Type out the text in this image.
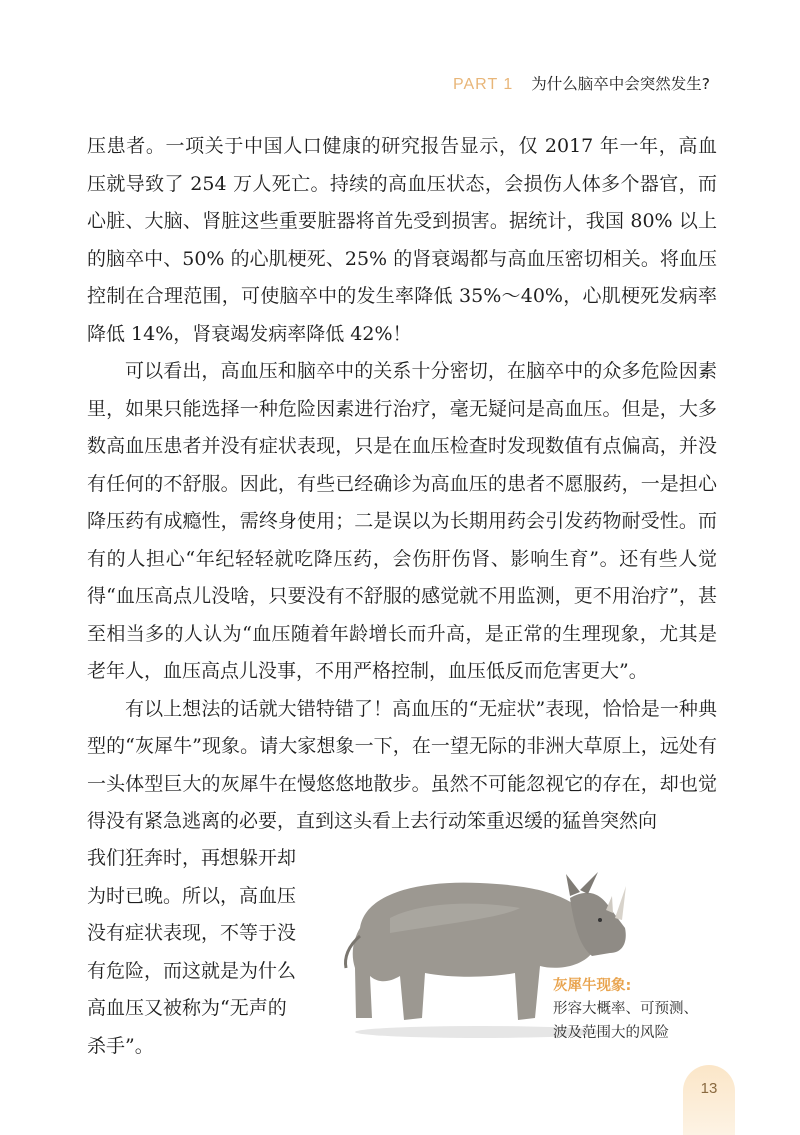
PART 1 为什么脑卒中会突然发生?

压患者。一项关于中国人口健康的研究报告显示，仅 2017 年一年，高血压就导致了 254 万人死亡。持续的高血压状态，会损伤人体多个器官，而心脏、大脑、肾脏这些重要脏器将首先受到损害。据统计，我国 80% 以上的脑卒中、50% 的心肌梗死、25% 的肾衰竭都与高血压密切相关。将血压控制在合理范围，可使脑卒中的发生率降低 35%～40%，心肌梗死发病率降低 14%，肾衰竭发病率降低 42%！

可以看出，高血压和脑卒中的关系十分密切，在脑卒中的众多危险因素里，如果只能选择一种危险因素进行治疗，毫无疑问是高血压。但是，大多数高血压患者并没有症状表现，只是在血压检查时发现数值有点偏高，并没有任何的不舒服。因此，有些已经确诊为高血压的患者不愿服药，一是担心降压药有成瘾性，需终身使用；二是误以为长期用药会引发药物耐受性。而有的人担心“年纪轻轻就吃降压药，会伤肝伤肾、影响生育”。还有些人觉得“血压高点儿没啥，只要没有不舒服的感觉就不用监测，更不用治疗”，甚至相当多的人认为“血压随着年龄增长而升高，是正常的生理现象，尤其是老年人，血压高点儿没事，不用严格控制，血压低反而危害更大”。

有以上想法的话就大错特错了！高血压的“无症状”表现，恰恰是一种典型的“灰犀牛”现象。请大家想象一下，在一望无际的非洲大草原上，远处有一头体型巨大的灰犀牛在慢悠悠地散步。虽然不可能忽视它的存在，却也觉得没有紧急逃离的必要，直到这头看上去行动笨重迟缓的猛兽突然向

我们狂奔时，再想躲开却
为时已晚。所以，高血压
没有症状表现，不等于没
有危险，而这就是为什么
高血压又被称为“无声的
杀手”。
灰犀牛现象:
形容大概率、可预测、
波及范围大的风险
13
